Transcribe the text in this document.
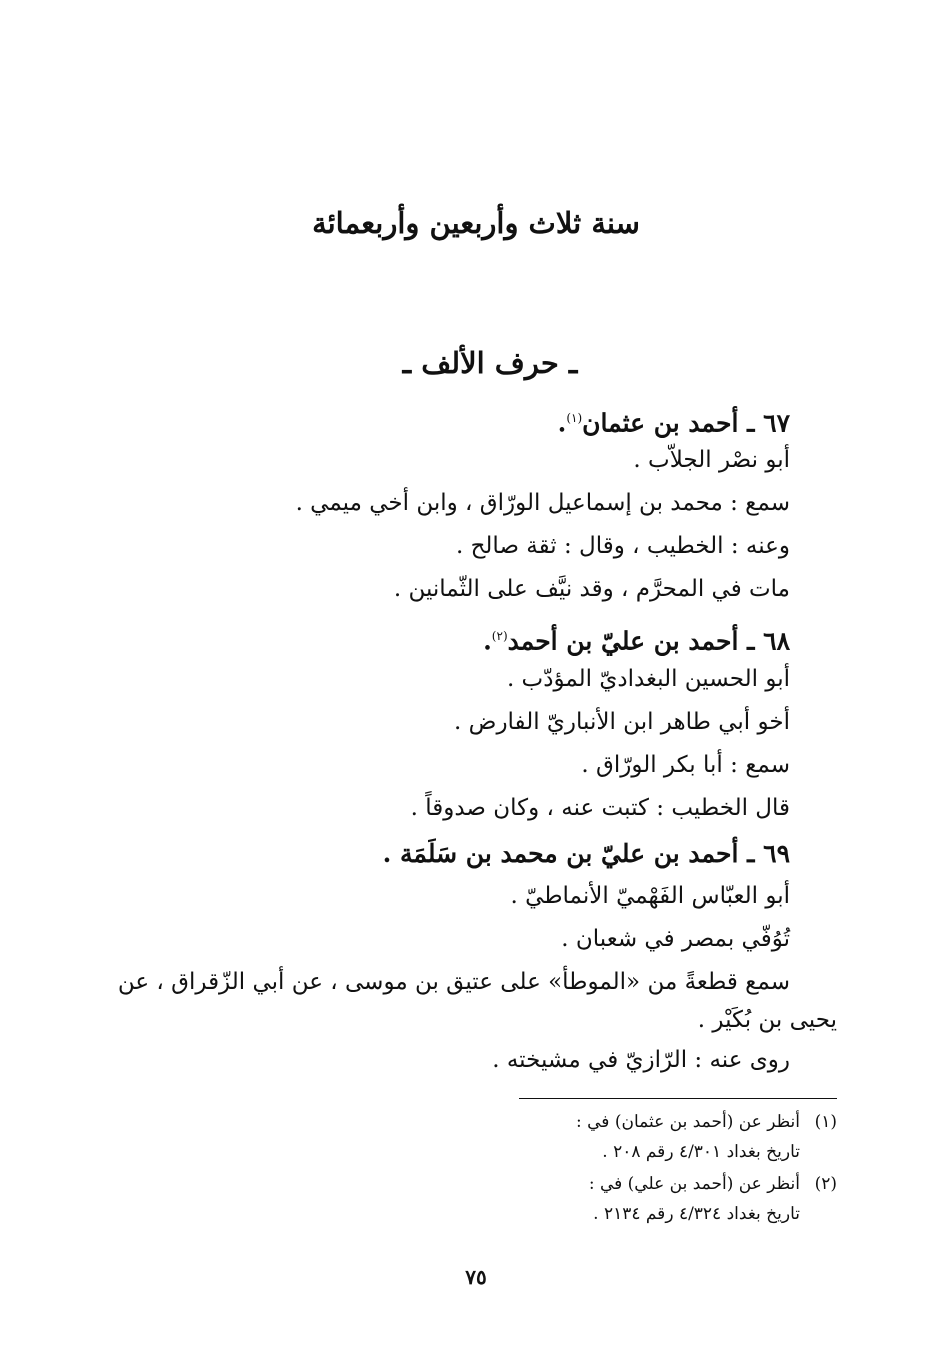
سنة ثلاث وأربعين وأربعمائة
ـ حرف الألف ـ
٦٧ ـ أحمد بن عثمان$^{(١)}$.
أبو نصْر الجلاّب .
سمع : محمد بن إسماعيل الورّاق ، وابن أخي ميمي .
وعنه : الخطيب ، وقال : ثقة صالح .
مات في المحرَّم ، وقد نيَّف على الثّمانين .
٦٨ ـ أحمد بن عليّ بن أحمد$^{(٢)}$.
أبو الحسين البغداديّ المؤدّب .
أخو أبي طاهر ابن الأنباريّ الفارض .
سمع : أبا بكر الورّاق .
قال الخطيب : كتبت عنه ، وكان صدوقاً .
٦٩ ـ أحمد بن عليّ بن محمد بن سَلَمَة .
أبو العبّاس الفَهْميّ الأنماطيّ .
تُوُفّي بمصر في شعبان .
سمع قطعةً من «الموطأ» على عتيق بن موسى ، عن أبي الزّقراق ، عن
يحيى بن بُكَيْر .
روى عنه : الرّازيّ في مشيخته .
(١)أنظر عن (أحمد بن عثمان) في :
تاريخ بغداد ٤/٣٠١ رقم ٢٠٨ .
(٢)أنظر عن (أحمد بن علي) في :
تاريخ بغداد ٤/٣٢٤ رقم ٢١٣٤ .
٧٥
